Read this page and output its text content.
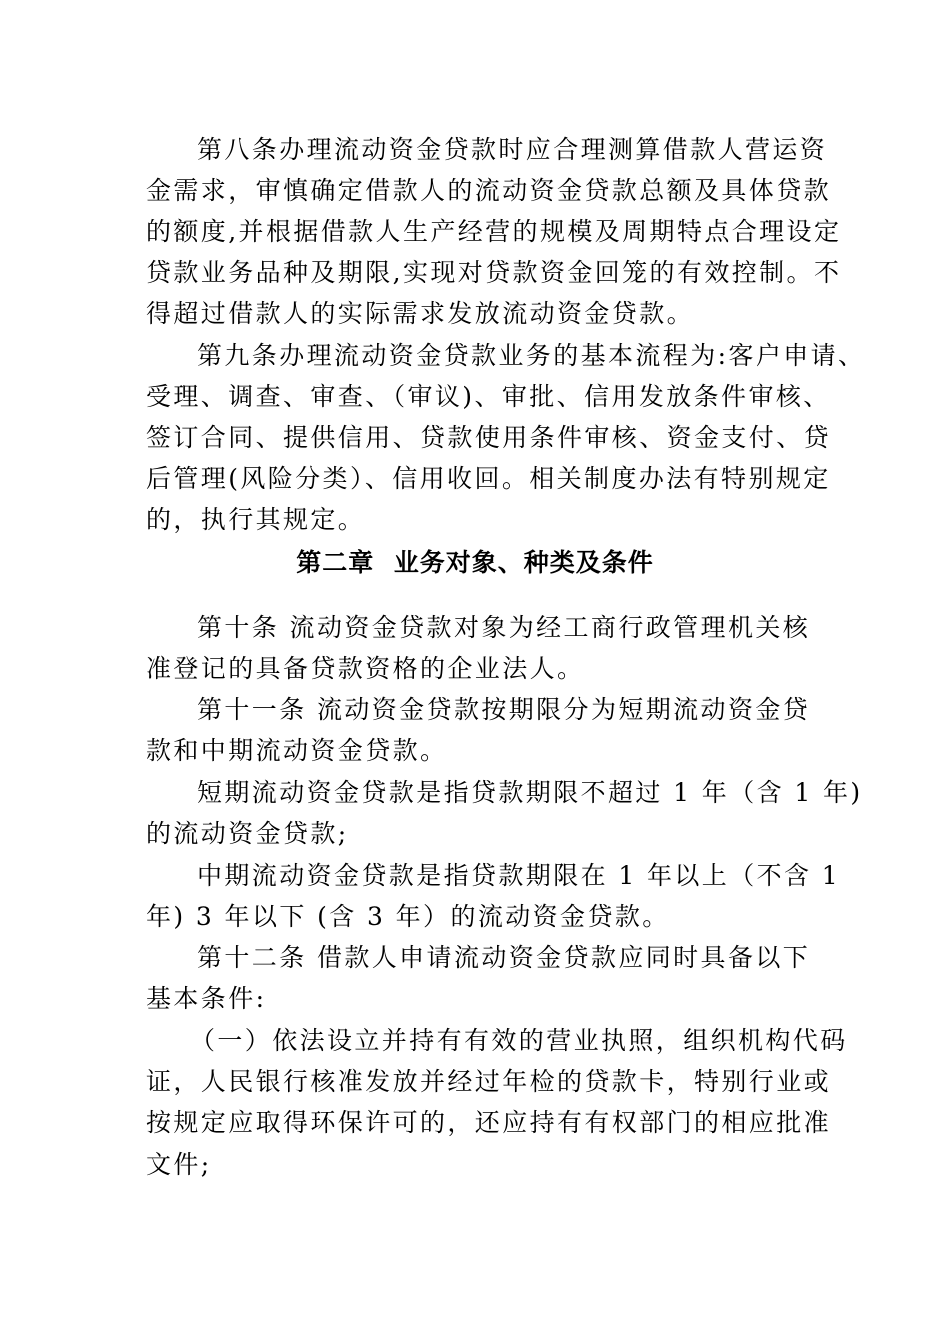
第八条办理流动资金贷款时应合理测算借款人营运资
金需求，审慎确定借款人的流动资金贷款总额及具体贷款
的额度,并根据借款人生产经营的规模及周期特点合理设定
贷款业务品种及期限,实现对贷款资金回笼的有效控制。不
得超过借款人的实际需求发放流动资金贷款。
第九条办理流动资金贷款业务的基本流程为:客户申请、
受理、调查、审查、（审议)、审批、信用发放条件审核、
签订合同、提供信用、贷款使用条件审核、资金支付、贷
后管理(风险分类）、信用收回。相关制度办法有特别规定
的，执行其规定。
第二章  业务对象、种类及条件
第十条 流动资金贷款对象为经工商行政管理机关核
准登记的具备贷款资格的企业法人。
第十一条 流动资金贷款按期限分为短期流动资金贷
款和中期流动资金贷款。
短期流动资金贷款是指贷款期限不超过 1 年（含 1 年)
的流动资金贷款;
中期流动资金贷款是指贷款期限在 1 年以上（不含 1
年) 3 年以下 (含 3 年）的流动资金贷款。
第十二条 借款人申请流动资金贷款应同时具备以下
基本条件:
（一）依法设立并持有有效的营业执照，组织机构代码
证，人民银行核准发放并经过年检的贷款卡，特别行业或
按规定应取得环保许可的，还应持有有权部门的相应批准
文件;
